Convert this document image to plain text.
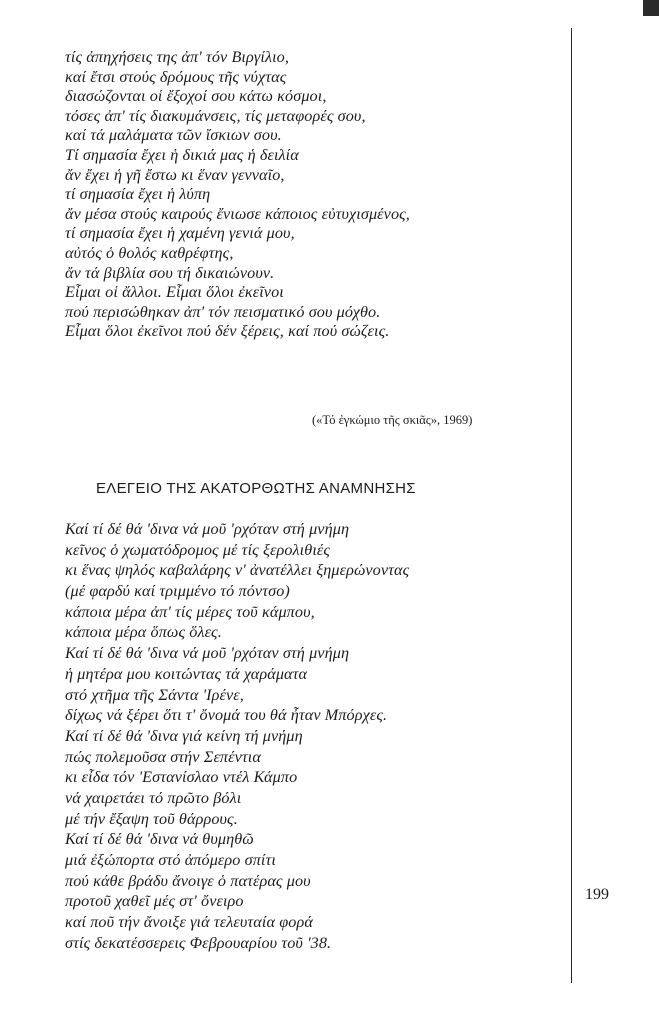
τίς ἀπηχήσεις της ἀπ' τόν Βιργίλιο,
καί ἔτσι στούς δρόμους τῆς νύχτας
διασώζονται οἱ ἔξοχοί σου κάτω κόσμοι,
τόσες ἀπ' τίς διακυμάνσεις, τίς μεταφορές σου,
καί τά μαλάματα τῶν ἴσκιων σου.
Τί σημασία ἔχει ἡ δικιά μας ἡ δειλία
ἄν ἔχει ἡ γῆ ἔστω κι ἕναν γενναῖο,
τί σημασία ἔχει ἡ λύπη
ἄν μέσα στούς καιρούς ἔνιωσε κάποιος εὐτυχισμένος,
τί σημασία ἔχει ἡ χαμένη γενιά μου,
αὐτός ὁ θολός καθρέφτης,
ἄν τά βιβλία σου τή δικαιώνουν.
Εἶμαι οἱ ἄλλοι. Εἶμαι ὅλοι ἐκεῖνοι
πού περισώθηκαν ἀπ' τόν πεισματικό σου μόχθο.
Εἶμαι ὅλοι ἐκεῖνοι πού δέν ξέρεις, καί πού σώζεις.
(«Τό ἐγκώμιο τῆς σκιᾶς», 1969)
ΕΛΕΓΕΙΟ ΤΗΣ ΑΚΑΤΟΡΘΩΤΗΣ ΑΝΑΜΝΗΣΗΣ
Καί τί δέ θά 'δινα νά μοῦ 'ρχόταν στή μνήμη
κεῖνος ὁ χωματόδρομος μέ τίς ξερολιθιές
κι ἕνας ψηλός καβαλάρης ν' ἀνατέλλει ξημερώνοντας
(μέ φαρδύ καί τριμμένο τό πόντσο)
κάποια μέρα ἀπ' τίς μέρες τοῦ κάμπου,
κάποια μέρα ὅπως ὅλες.
Καί τί δέ θά 'δινα νά μοῦ 'ρχόταν στή μνήμη
ἡ μητέρα μου κοιτώντας τά χαράματα
στό χτῆμα τῆς Σάντα 'Ιρένε,
δίχως νά ξέρει ὅτι τ' ὄνομά του θά ἦταν Μπόρχες.
Καί τί δέ θά 'δινα γιά κείνη τή μνήμη
πώς πολεμοῦσα στήν Σεπέντια
κι εἶδα τόν 'Εστανίσλαο ντέλ Κάμπο
νά χαιρετάει τό πρῶτο βόλι
μέ τήν ἔξαψη τοῦ θάρρους.
Καί τί δέ θά 'δινα νά θυμηθῶ
μιά ἐξώπορτα στό ἀπόμερο σπίτι
πού κάθε βράδυ ἄνοιγε ὁ πατέρας μου
προτοῦ χαθεῖ μές στ' ὄνειρο
καί ποῦ τήν ἄνοιξε γιά τελευταία φορά
στίς δεκατέσσερεις Φεβρουαρίου τοῦ '38.
199
